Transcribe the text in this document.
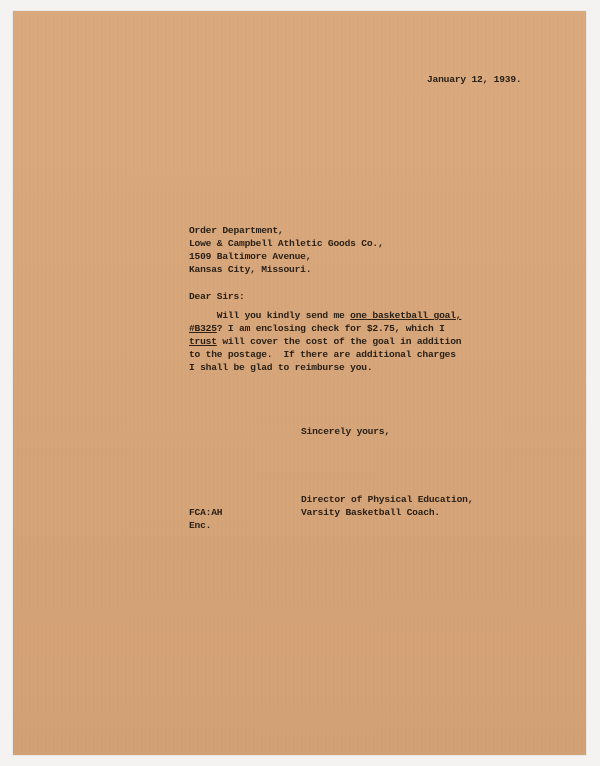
January 12, 1939.
Order Department,
Lowe & Campbell Athletic Goods Co.,
1509 Baltimore Avenue,
Kansas City, Missouri.
Dear Sirs:
Will you kindly send me one basketball goal,
#B325? I am enclosing check for $2.75, which I
trust will cover the cost of the goal in addition
to the postage.  If there are additional charges
I shall be glad to reimburse you.
Sincerely yours,
Director of Physical Education,
Varsity Basketball Coach.
FCA:AH
Enc.
